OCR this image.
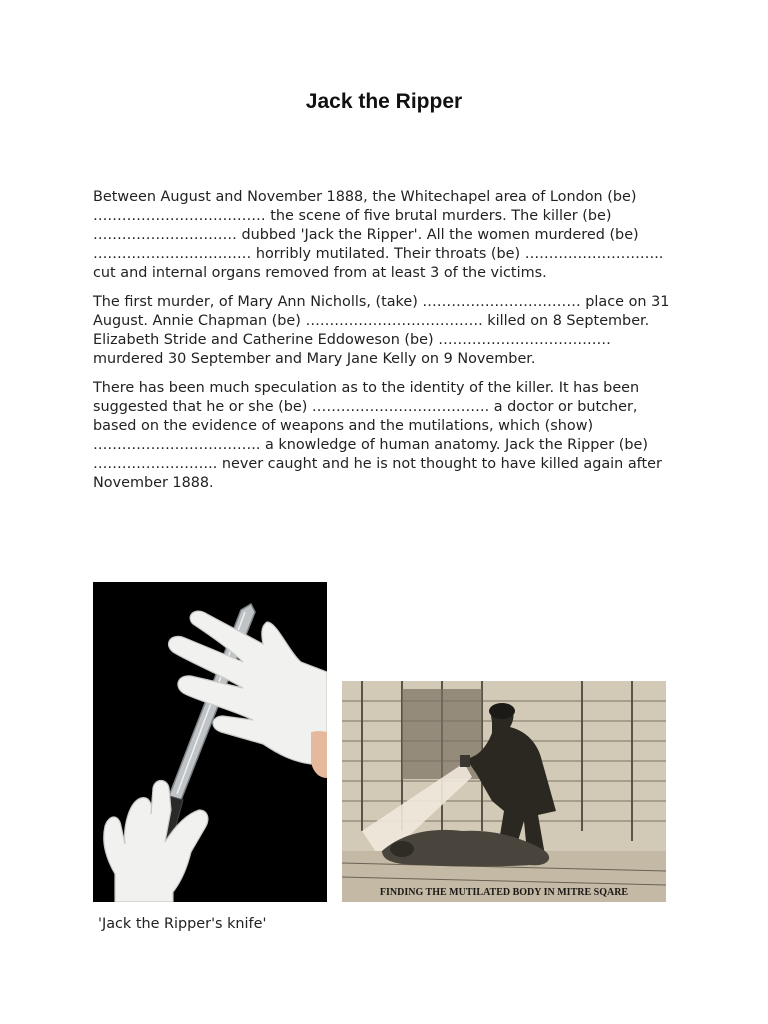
Jack the Ripper

Between August and November 1888, the Whitechapel area of London (be) ……………………………… the scene of five brutal murders. The killer (be) ………………………… dubbed 'Jack the Ripper'. All the women murdered (be) …………………………… horribly mutilated. Their throats (be) ……………………….. cut and internal organs removed from at least 3 of the victims.

The first murder, of Mary Ann Nicholls, (take) …………………………… place on 31 August. Annie Chapman (be) ………………………………. killed on 8 September. Elizabeth Stride and Catherine Eddoweson (be) ……………………………… murdered 30 September and Mary Jane Kelly on 9 November.

There has been much speculation as to the identity of the killer. It has been suggested that he or she (be) ………………………………. a doctor or butcher, based on the evidence of weapons and the mutilations, which (show) …………………………….. a knowledge of human anatomy. Jack the Ripper (be) …………………….. never caught and he is not thought to have killed again after November 1888.

FINDING THE MUTILATED BODY IN MITRE SQARE
'Jack the Ripper's knife'
